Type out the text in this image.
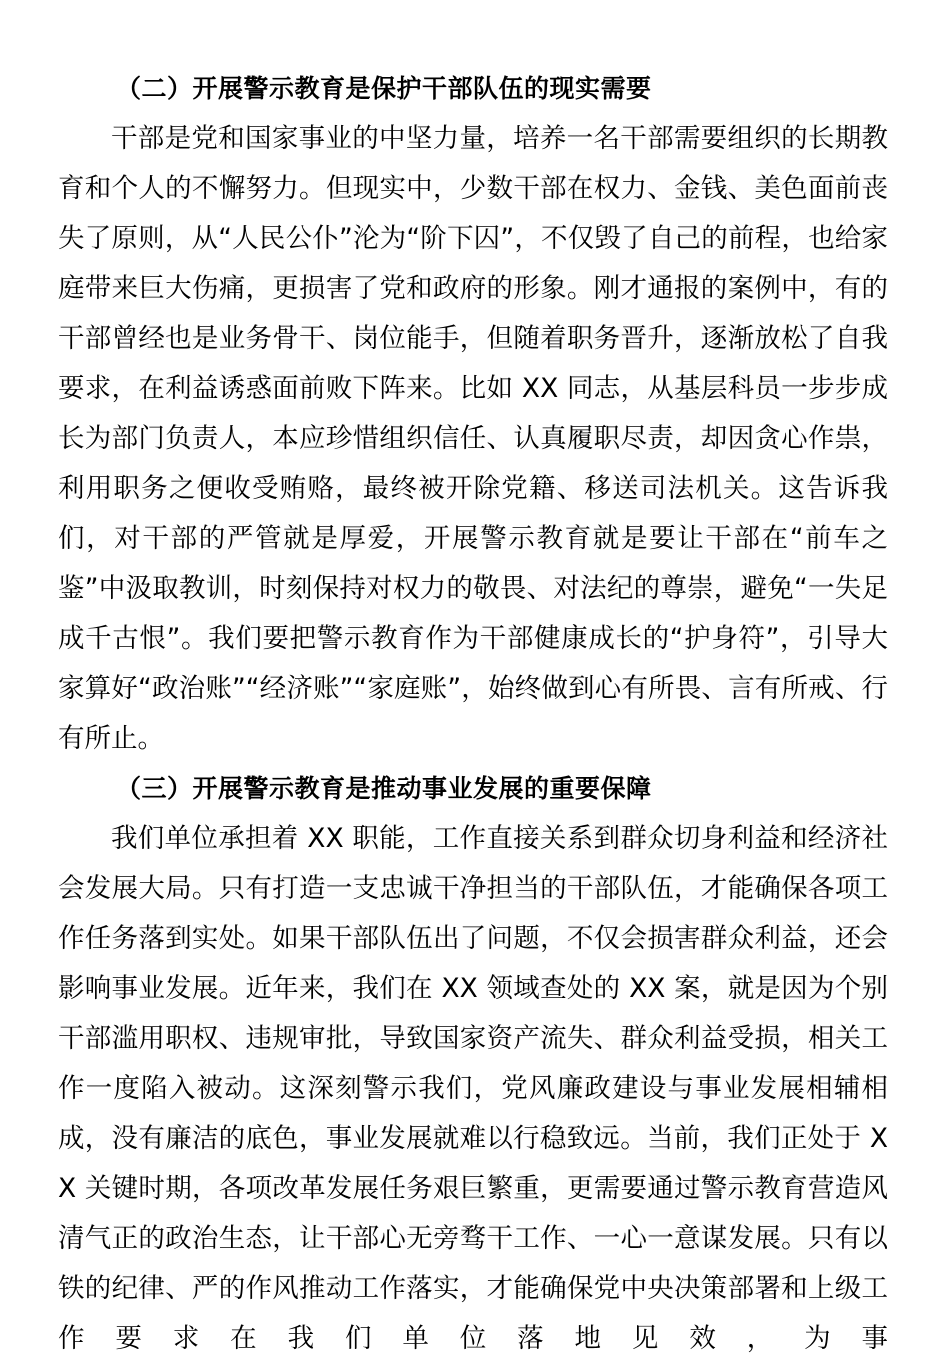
（二）开展警示教育是保护干部队伍的现实需要

干部是党和国家事业的中坚力量，培养一名干部需要组织的长期教育和个人的不懈努力。但现实中，少数干部在权力、金钱、美色面前丧失了原则，从“人民公仆”沦为“阶下囚”，不仅毁了自己的前程，也给家庭带来巨大伤痛，更损害了党和政府的形象。刚才通报的案例中，有的干部曾经也是业务骨干、岗位能手，但随着职务晋升，逐渐放松了自我要求，在利益诱惑面前败下阵来。比如 XX 同志，从基层科员一步步成长为部门负责人，本应珍惜组织信任、认真履职尽责，却因贪心作祟，利用职务之便收受贿赂，最终被开除党籍、移送司法机关。这告诉我们，对干部的严管就是厚爱，开展警示教育就是要让干部在“前车之鉴”中汲取教训，时刻保持对权力的敬畏、对法纪的尊崇，避免“一失足成千古恨”。我们要把警示教育作为干部健康成长的“护身符”，引导大家算好“政治账”“经济账”“家庭账”，始终做到心有所畏、言有所戒、行有所止。

（三）开展警示教育是推动事业发展的重要保障

我们单位承担着 XX 职能，工作直接关系到群众切身利益和经济社会发展大局。只有打造一支忠诚干净担当的干部队伍，才能确保各项工作任务落到实处。如果干部队伍出了问题，不仅会损害群众利益，还会影响事业发展。近年来，我们在 XX 领域查处的 XX 案，就是因为个别干部滥用职权、违规审批，导致国家资产流失、群众利益受损，相关工作一度陷入被动。这深刻警示我们，党风廉政建设与事业发展相辅相成，没有廉洁的底色，事业发展就难以行稳致远。当前，我们正处于 XX 关键时期，各项改革发展任务艰巨繁重，更需要通过警示教育营造风清气正的政治生态，让干部心无旁骛干工作、一心一意谋发展。只有以铁的纪律、严的作风推动工作落实，才能确保党中央决策部署和上级工作要求在我们单位落地见效，为事
